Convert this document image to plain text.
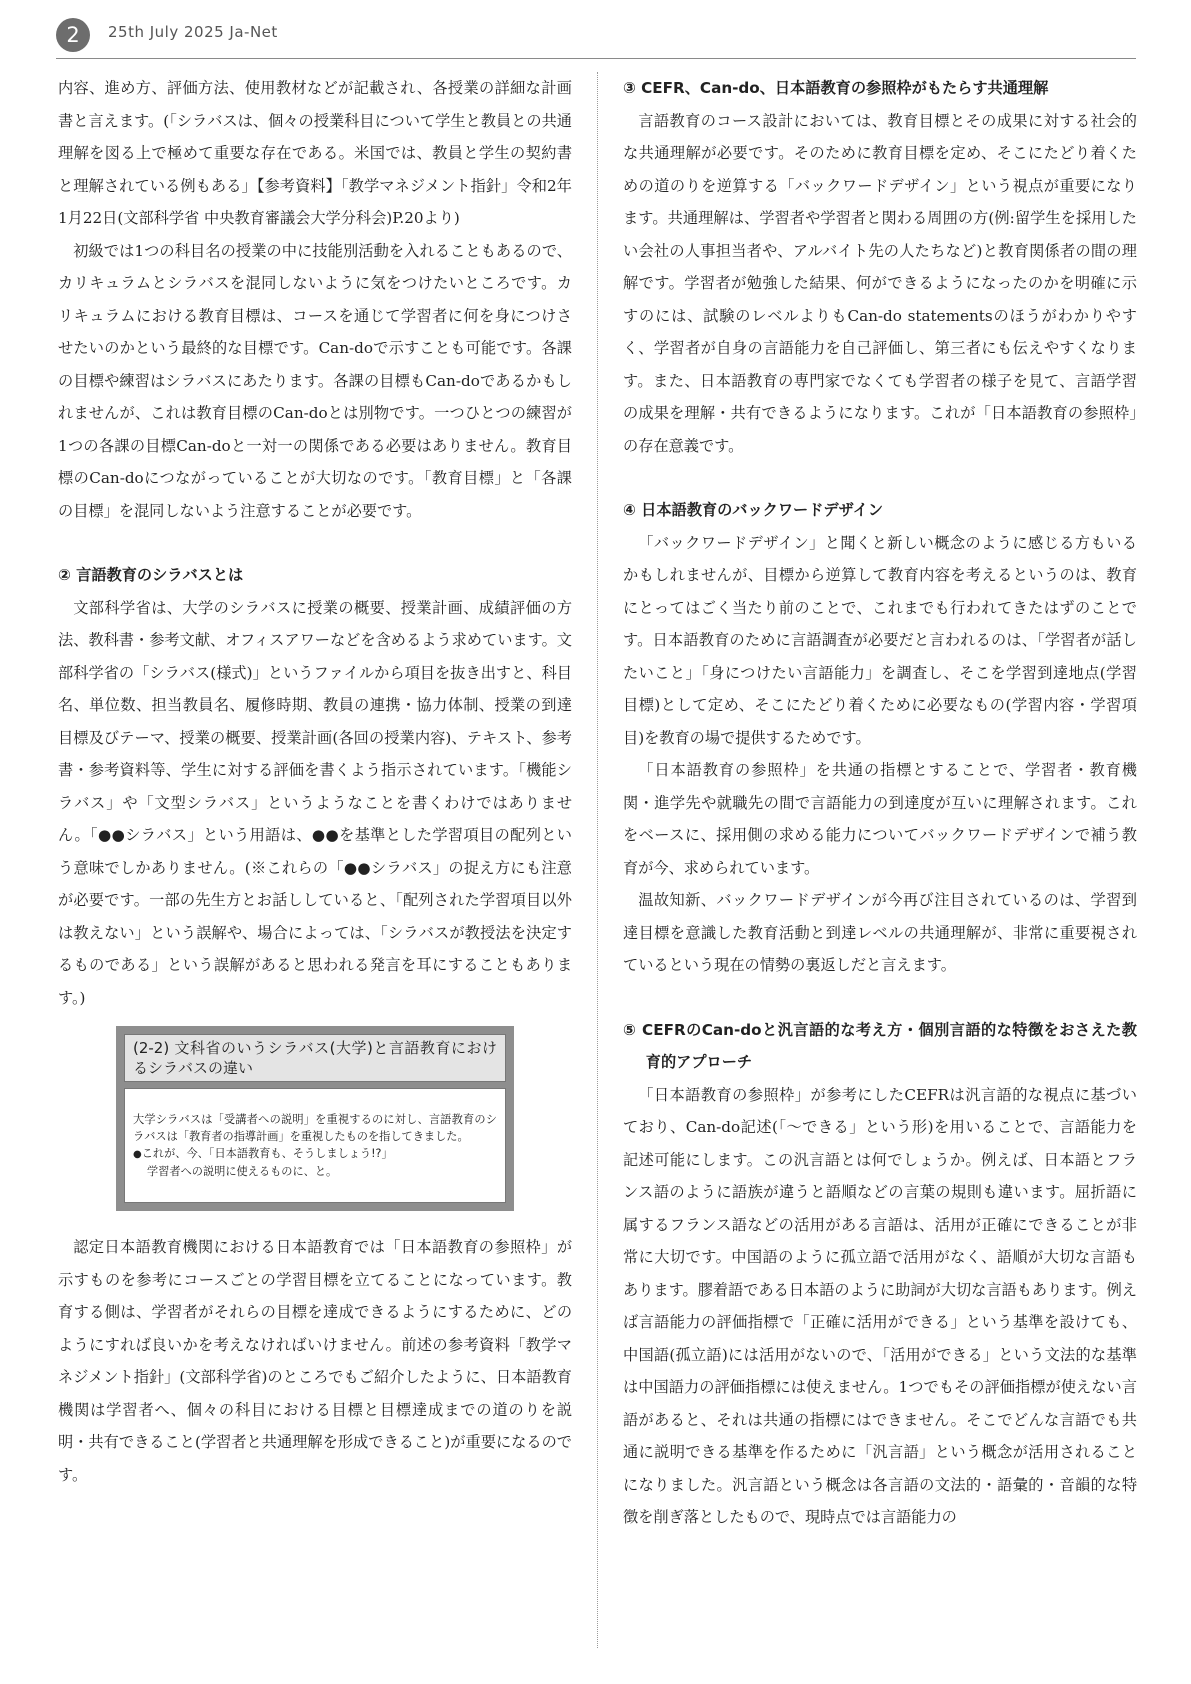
2	25th July 2025 Ja-Net

内容、進め方、評価方法、使用教材などが記載され、各授業の詳細な計画書と言えます。(「シラバスは、個々の授業科目について学生と教員との共通理解を図る上で極めて重要な存在である。米国では、教員と学生の契約書と理解されている例もある」【参考資料】「教学マネジメント指針」令和2年1月22日(文部科学省 中央教育審議会大学分科会)P.20より)

初級では1つの科目名の授業の中に技能別活動を入れることもあるので、カリキュラムとシラバスを混同しないように気をつけたいところです。カリキュラムにおける教育目標は、コースを通じて学習者に何を身につけさせたいのかという最終的な目標です。Can-doで示すことも可能です。各課の目標や練習はシラバスにあたります。各課の目標もCan-doであるかもしれませんが、これは教育目標のCan-doとは別物です。一つひとつの練習が1つの各課の目標Can-doと一対一の関係である必要はありません。教育目標のCan-doにつながっていることが大切なのです。「教育目標」と「各課の目標」を混同しないよう注意することが必要です。

② 言語教育のシラバスとは

文部科学省は、大学のシラバスに授業の概要、授業計画、成績評価の方法、教科書・参考文献、オフィスアワーなどを含めるよう求めています。文部科学省の「シラバス(様式)」というファイルから項目を抜き出すと、科目名、単位数、担当教員名、履修時期、教員の連携・協力体制、授業の到達目標及びテーマ、授業の概要、授業計画(各回の授業内容)、テキスト、参考書・参考資料等、学生に対する評価を書くよう指示されています。「機能シラバス」や「文型シラバス」というようなことを書くわけではありません。「●●シラバス」という用語は、●●を基準とした学習項目の配列という意味でしかありません。(※これらの「●●シラバス」の捉え方にも注意が必要です。一部の先生方とお話ししていると、「配列された学習項目以外は教えない」という誤解や、場合によっては、「シラバスが教授法を決定するものである」という誤解があると思われる発言を耳にすることもあります。)

(2-2) 文科省のいうシラバス(大学)と言語教育におけるシラバスの違い

大学シラバスは「受講者への説明」を重視するのに対し、言語教育のシラバスは「教育者の指導計画」を重視したものを指してきました。

●これが、今、「日本語教育も、そうしましょう!?」

学習者への説明に使えるものに、と。

認定日本語教育機関における日本語教育では「日本語教育の参照枠」が示すものを参考にコースごとの学習目標を立てることになっています。教育する側は、学習者がそれらの目標を達成できるようにするために、どのようにすれば良いかを考えなければいけません。前述の参考資料「教学マネジメント指針」(文部科学省)のところでもご紹介したように、日本語教育機関は学習者へ、個々の科目における目標と目標達成までの道のりを説明・共有できること(学習者と共通理解を形成できること)が重要になるのです。

③ CEFR、Can-do、日本語教育の参照枠がもたらす共通理解

言語教育のコース設計においては、教育目標とその成果に対する社会的な共通理解が必要です。そのために教育目標を定め、そこにたどり着くための道のりを逆算する「バックワードデザイン」という視点が重要になります。共通理解は、学習者や学習者と関わる周囲の方(例:留学生を採用したい会社の人事担当者や、アルバイト先の人たちなど)と教育関係者の間の理解です。学習者が勉強した結果、何ができるようになったのかを明確に示すのには、試験のレベルよりもCan-do statementsのほうがわかりやすく、学習者が自身の言語能力を自己評価し、第三者にも伝えやすくなります。また、日本語教育の専門家でなくても学習者の様子を見て、言語学習の成果を理解・共有できるようになります。これが「日本語教育の参照枠」の存在意義です。

④ 日本語教育のバックワードデザイン

「バックワードデザイン」と聞くと新しい概念のように感じる方もいるかもしれませんが、目標から逆算して教育内容を考えるというのは、教育にとってはごく当たり前のことで、これまでも行われてきたはずのことです。日本語教育のために言語調査が必要だと言われるのは、「学習者が話したいこと」「身につけたい言語能力」を調査し、そこを学習到達地点(学習目標)として定め、そこにたどり着くために必要なもの(学習内容・学習項目)を教育の場で提供するためです。

「日本語教育の参照枠」を共通の指標とすることで、学習者・教育機関・進学先や就職先の間で言語能力の到達度が互いに理解されます。これをベースに、採用側の求める能力についてバックワードデザインで補う教育が今、求められています。

温故知新、バックワードデザインが今再び注目されているのは、学習到達目標を意識した教育活動と到達レベルの共通理解が、非常に重要視されているという現在の情勢の裏返しだと言えます。

⑤ CEFRのCan-doと汎言語的な考え方・個別言語的な特徴をおさえた教育的アプローチ

「日本語教育の参照枠」が参考にしたCEFRは汎言語的な視点に基づいており、Can-do記述(「〜できる」という形)を用いることで、言語能力を記述可能にします。この汎言語とは何でしょうか。例えば、日本語とフランス語のように語族が違うと語順などの言葉の規則も違います。屈折語に属するフランス語などの活用がある言語は、活用が正確にできることが非常に大切です。中国語のように孤立語で活用がなく、語順が大切な言語もあります。膠着語である日本語のように助詞が大切な言語もあります。例えば言語能力の評価指標で「正確に活用ができる」という基準を設けても、中国語(孤立語)には活用がないので、「活用ができる」という文法的な基準は中国語力の評価指標には使えません。1つでもその評価指標が使えない言語があると、それは共通の指標にはできません。そこでどんな言語でも共通に説明できる基準を作るために「汎言語」という概念が活用されることになりました。汎言語という概念は各言語の文法的・語彙的・音韻的な特徴を削ぎ落としたもので、現時点では言語能力の
